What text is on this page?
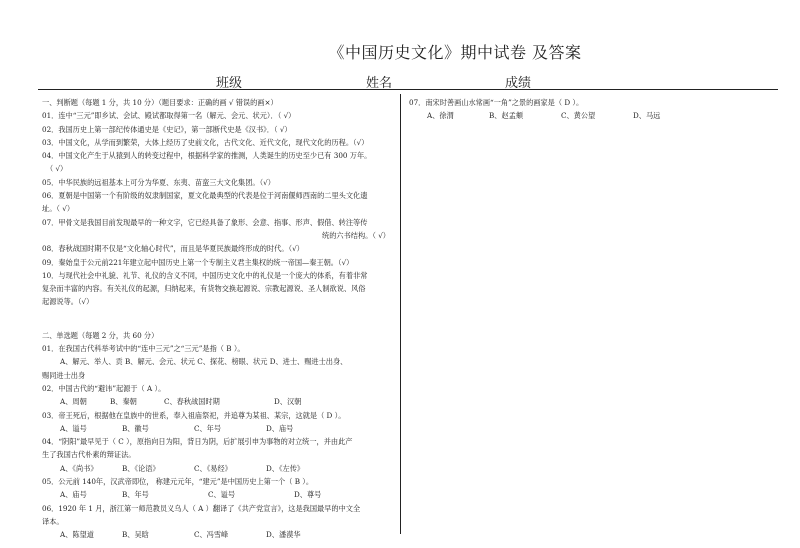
《中国历史文化》期中试卷 及答案
班级	姓名	成绩
一、判断题（每题 1 分，共 10 分）（题目要求：正确的画 √ 错误的画×）
01．连中“三元”即乡试、会试、殿试都取得第一名（解元、会元、状元）．（ √）
02．我国历史上第一部纪传体通史是《史记》，第一部断代史是《汉书》．（ √）
03．中国文化，从学而到繁荣，大体上经历了史前文化，古代文化、近代文化，现代文化的历程。（√）
04．中国文化产生于从猿到人的转变过程中，根据科学家的推测，人类诞生的历史至少已有 300 万年。
（ √）
05．中华民族的远祖基本上可分为华夏、东夷、苗蛮三大文化集团。（√）
06．夏朝是中国第一个有阶级的奴隶制国家，夏文化最典型的代表是位于河南偃师西南的二里头文化遗
址。（ √）
07．甲骨文是我国目前发现最早的一种文字，它已经具备了象形、会意、指事、形声、假借、转注等传
统的六书结构。（ √）
08．春秋战国时期不仅是“文化轴心时代”，而且是华夏民族最终形成的时代。（√）
09．秦始皇于公元前221年建立起中国历史上第一个专制主义君主集权的统一帝国—秦王朝。（√）
10．与现代社会中礼貌、礼节、礼仪的含义不同，中国历史文化中的礼仪是一个庞大的体系，有着非常
复杂而丰富的内容。有关礼仪的起源，归纳起来，有货物交换起源说、宗教起源说、圣人制欲说、风俗
起源说等。（√）
二、单选题（每题 2 分，共 60 分）
01．在我国古代科举考试中的“连中三元”之“三元”是指（ B ）。
A、解元、举人、贡 B、解元、会元、状元 C、探花、榜眼、状元 D、进士、赐进士出身、
赐同进士出身
02．中国古代的“避讳”起源于（ A ）。
A、周朝	B、秦朝	C、春秋战国时期	D、汉朝
03．帝王死后，根据他在皇族中的世系，奉入祖庙祭祀，并追尊为某祖、某宗，这就是（ D ）。
A、谥号	B、徽号	C、年号	D、庙号
04．“阴阳”最早见于（ C ），原指向日为阳，背日为阴，后扩展引申为事物的对立统一，并由此产
生了我国古代朴素的辩证法。
A、《尚书》	B、《论语》	C、《易经》	D、《左传》
05．公元前 140年，汉武帝即位， 称建元元年，“建元”是中国历史上第一个（ B ）。
A、庙号	B、年号	C、谥号	D、尊号
06．1920 年 1 月，浙江第一师范教员义乌人（ A ）翻译了《共产党宣言》，这是我国最早的中文全
译本。
A、陈望道	B、吴晗	C、冯雪峰	D、潘漠华
07．南宋时善画山水常画“一角”之景的画家是（ D ）。
A、徐渭	B、赵孟頫	C、黄公望	D、马远
